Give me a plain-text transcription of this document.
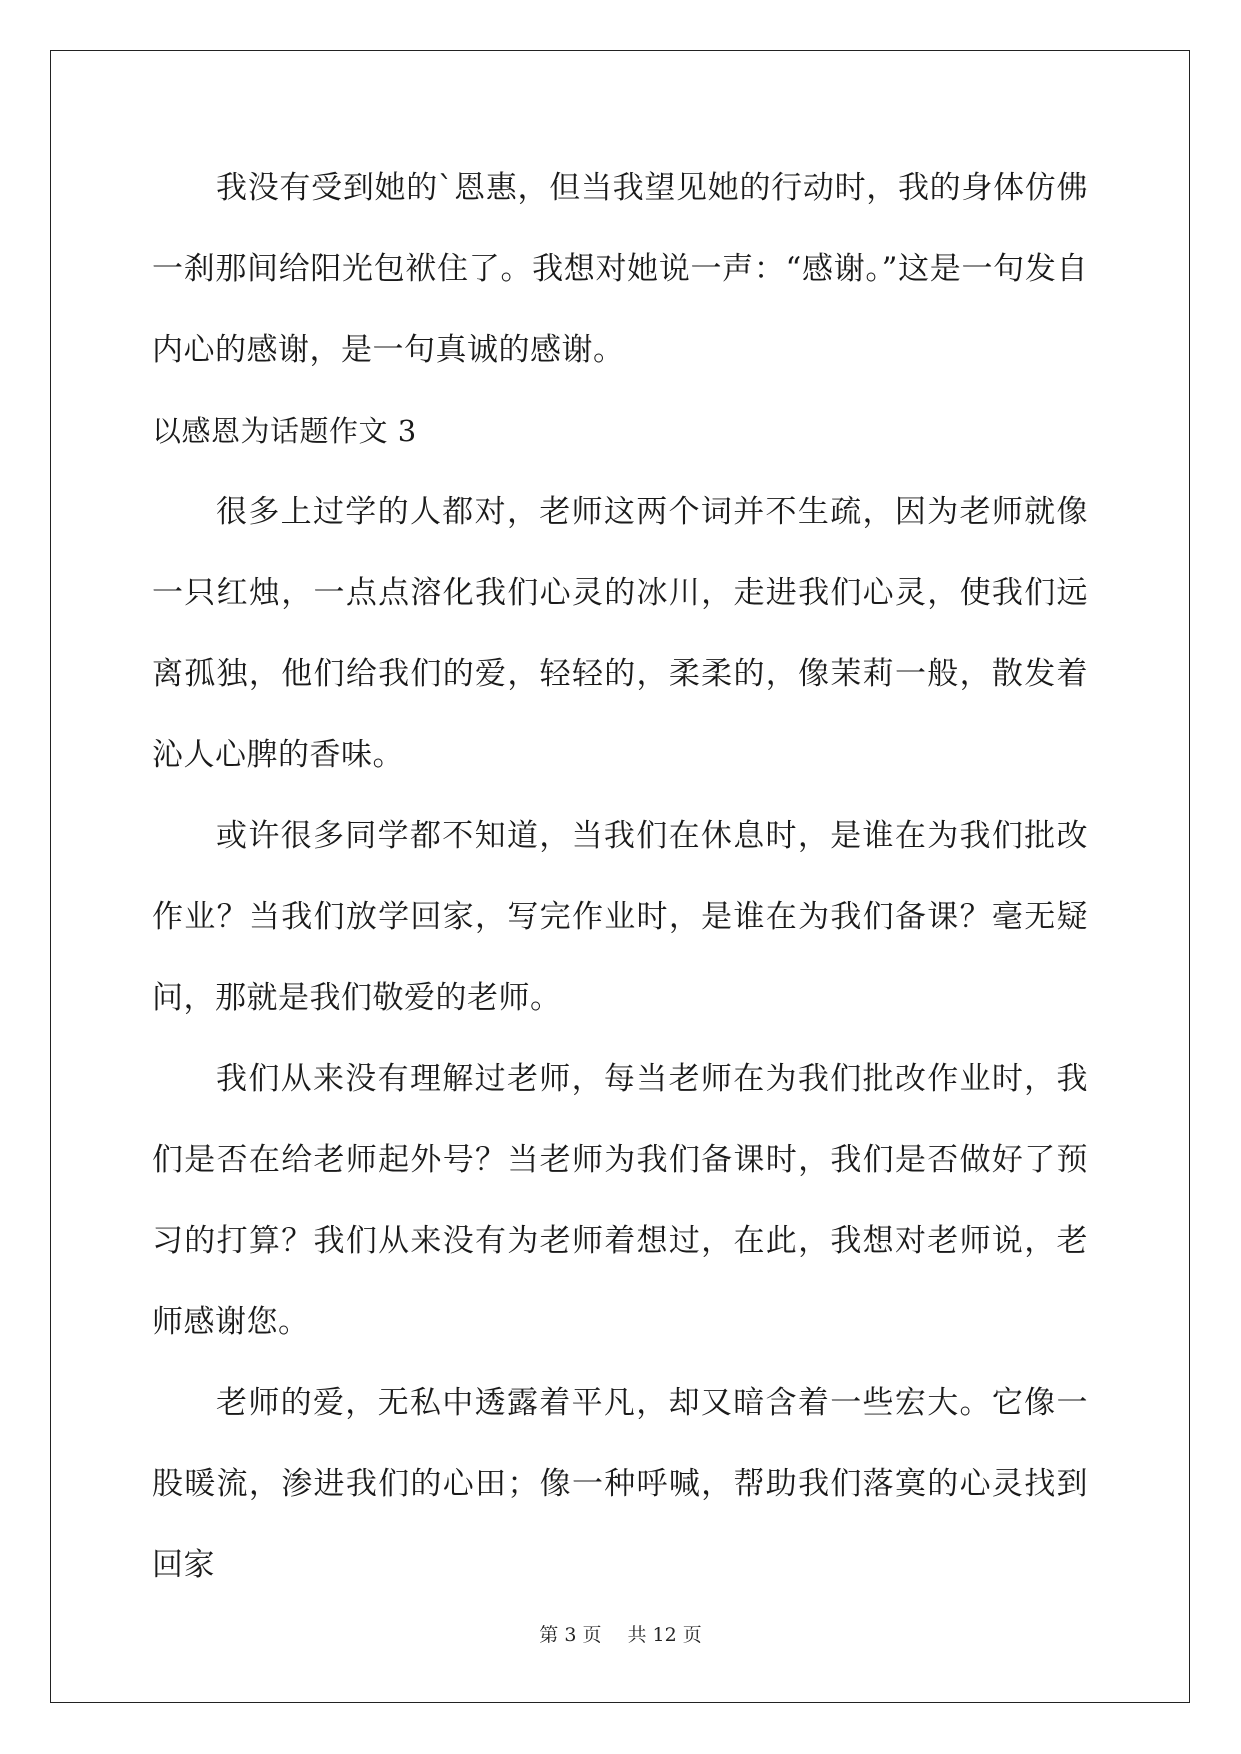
我没有受到她的`恩惠，但当我望见她的行动时，我的身体仿佛一刹那间给阳光包袱住了。我想对她说一声：“感谢。”这是一句发自内心的感谢，是一句真诚的感谢。

以感恩为话题作文 3

很多上过学的人都对，老师这两个词并不生疏，因为老师就像一只红烛，一点点溶化我们心灵的冰川，走进我们心灵，使我们远离孤独，他们给我们的爱，轻轻的，柔柔的，像茉莉一般，散发着沁人心脾的香味。

或许很多同学都不知道，当我们在休息时，是谁在为我们批改作业？当我们放学回家，写完作业时，是谁在为我们备课？毫无疑问，那就是我们敬爱的老师。

我们从来没有理解过老师，每当老师在为我们批改作业时，我们是否在给老师起外号？当老师为我们备课时，我们是否做好了预习的打算？我们从来没有为老师着想过，在此，我想对老师说，老师感谢您。

老师的爱，无私中透露着平凡，却又暗含着一些宏大。它像一股暖流，渗进我们的心田；像一种呼喊，帮助我们落寞的心灵找到回家

第 3 页 共 12 页
